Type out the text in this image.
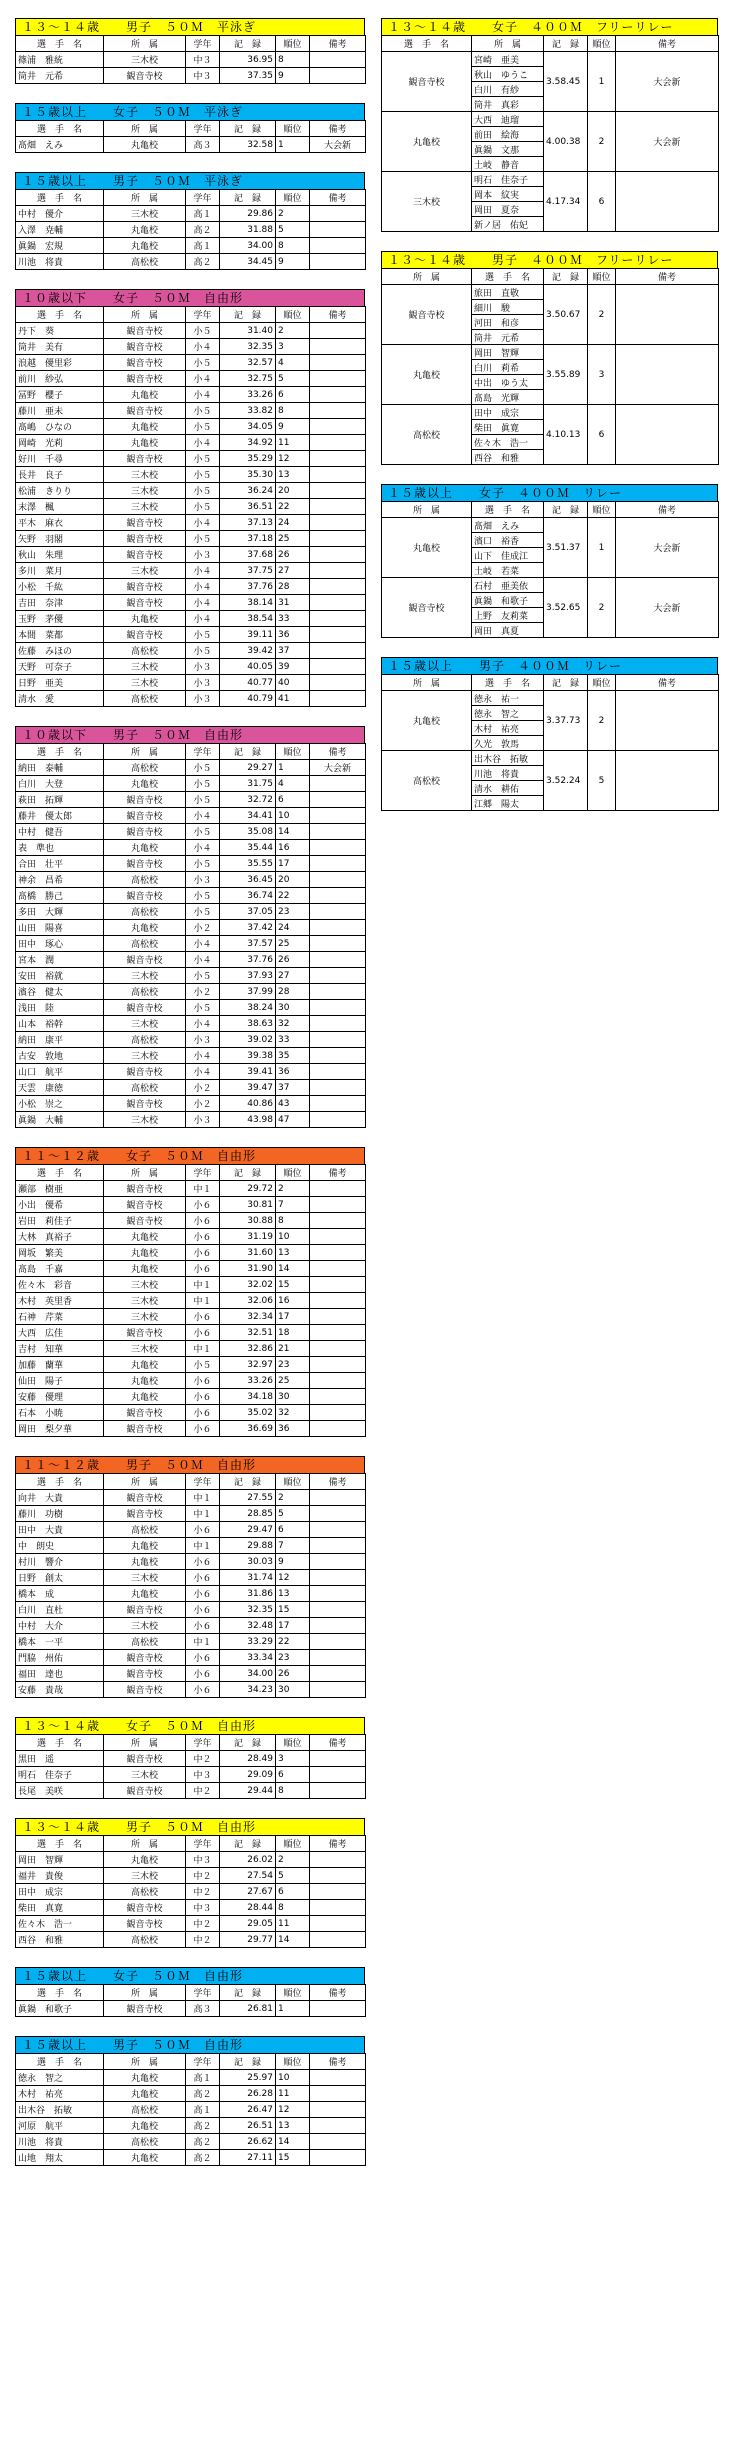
１３～１４歳　　男子　５０Ｍ　平泳ぎ
選　手　名	所　属	学年	記　録	順位	備考
篠浦　雅統	三木校	中３	36.95	8	
筒井　元希	観音寺校	中３	37.35	9	
１５歳以上　　女子　５０Ｍ　平泳ぎ
選　手　名	所　属	学年	記　録	順位	備考
髙畑　えみ	丸亀校	高３	32.58	1	大会新
１５歳以上　　男子　５０Ｍ　平泳ぎ
選　手　名	所　属	学年	記　録	順位	備考
中村　優介	三木校	高１	29.86	2	
入澤　尭輔	丸亀校	高２	31.88	5	
眞鍋　宏規	丸亀校	高１	34.00	8	
川池　将貴	高松校	高２	34.45	9	
１０歳以下　　女子　５０Ｍ　自由形
選　手　名	所　属	学年	記　録	順位	備考
丹下　葵	観音寺校	小５	31.40	2	
筒井　美有	観音寺校	小４	32.35	3	
浪越　優里彩	観音寺校	小５	32.57	4	
前川　紗弘	観音寺校	小４	32.75	5	
冨野　櫻子	丸亀校	小４	33.26	6	
藤川　亜未	観音寺校	小５	33.82	8	
髙嶋　ひなの	丸亀校	小５	34.05	9	
岡崎　光莉	丸亀校	小４	34.92	11	
好川　千尋	観音寺校	小５	35.29	12	
長井　良子	三木校	小５	35.30	13	
松浦　きりり	三木校	小５	36.24	20	
末澤　楓	三木校	小５	36.51	22	
平木　麻衣	観音寺校	小４	37.13	24	
矢野　羽閣	観音寺校	小５	37.18	25	
秋山　朱理	観音寺校	小３	37.68	26	
多川　菜月	三木校	小４	37.75	27	
小松　千紘	観音寺校	小４	37.76	28	
吉田　奈津	観音寺校	小４	38.14	31	
玉野　茅優	丸亀校	小４	38.54	33	
本間　菜都	観音寺校	小５	39.11	36	
佐藤　みほの	高松校	小５	39.42	37	
天野　可奈子	三木校	小３	40.05	39	
日野　亜美	三木校	小３	40.77	40	
清水　愛	高松校	小３	40.79	41	
１０歳以下　　男子　５０Ｍ　自由形
選　手　名	所　属	学年	記　録	順位	備考
納田　泰輔	高松校	小５	29.27	1	大会新
白川　大登	丸亀校	小５	31.75	4	
萩田　拓輝	観音寺校	小５	32.72	6	
藤井　優太郎	観音寺校	小４	34.41	10	
中村　健吾	観音寺校	小５	35.08	14	
表　準也	丸亀校	小４	35.44	16	
合田　壮平	観音寺校	小５	35.55	17	
神余　昌希	高松校	小３	36.45	20	
髙橋　勝己	観音寺校	小５	36.74	22	
多田　大輝	高松校	小５	37.05	23	
山田　陽喜	丸亀校	小２	37.42	24	
田中　琢心	高松校	小４	37.57	25	
宮本　潤	観音寺校	小４	37.76	26	
安田　裕就	三木校	小５	37.93	27	
濱谷　健太	高松校	小２	37.99	28	
浅田　陸	観音寺校	小５	38.24	30	
山本　裕幹	三木校	小４	38.63	32	
納田　康平	高松校	小３	39.02	33	
古安　敦地	三木校	小４	39.38	35	
山口　航平	観音寺校	小４	39.41	36	
天雲　康徳	高松校	小２	39.47	37	
小松　崇之	観音寺校	小２	40.86	43	
眞鍋　大輔	三木校	小３	43.98	47	
１１～１２歳　　女子　５０Ｍ　自由形
選　手　名	所　属	学年	記　録	順位	備考
瀬部　樹亜	観音寺校	中１	29.72	2	
小出　優希	観音寺校	小６	30.81	7	
岩田　莉佳子	観音寺校	小６	30.88	8	
大林　真裕子	丸亀校	小６	31.19	10	
岡坂　繁美	丸亀校	小６	31.60	13	
髙島　千嘉	丸亀校	小６	31.90	14	
佐々木　彩音	三木校	中１	32.02	15	
木村　英里香	三木校	中１	32.06	16	
石神　芹菜	三木校	小６	32.34	17	
大西　広佳	観音寺校	小６	32.51	18	
吉村　知華	三木校	中１	32.86	21	
加藤　蘭華	丸亀校	小５	32.97	23	
仙田　陽子	丸亀校	小６	33.26	25	
安藤　優理	丸亀校	小６	34.18	30	
石本　小暁	観音寺校	小６	35.02	32	
岡田　梨夕華	観音寺校	小６	36.69	36	
１１～１２歳　　男子　５０Ｍ　自由形
選　手　名	所　属	学年	記　録	順位	備考
向井　大貴	観音寺校	中１	27.55	2	
藤川　功樹	観音寺校	中１	28.85	5	
田中　大貴	高松校	小６	29.47	6	
中　朗史	丸亀校	中１	29.88	7	
村川　響介	丸亀校	小６	30.03	9	
日野　創太	三木校	小６	31.74	12	
橋本　成	丸亀校	小６	31.86	13	
白川　直杜	観音寺校	小６	32.35	15	
中村　大介	三木校	小６	32.48	17	
橋本　一平	高松校	中１	33.29	22	
門脇　州佑	観音寺校	小６	33.34	23	
福田　達也	観音寺校	小６	34.00	26	
安藤　貴哉	観音寺校	小６	34.23	30	
１３～１４歳　　女子　５０Ｍ　自由形
選　手　名	所　属	学年	記　録	順位	備考
黒田　遥	観音寺校	中２	28.49	3	
明石　佳奈子	三木校	中３	29.09	6	
長尾　美咲	観音寺校	中２	29.44	8	
１３～１４歳　　男子　５０Ｍ　自由形
選　手　名	所　属	学年	記　録	順位	備考
岡田　智輝	丸亀校	中３	26.02	2	
福井　貴俊	三木校	中２	27.54	5	
田中　成宗	高松校	中２	27.67	6	
柴田　真寛	観音寺校	中３	28.44	8	
佐々木　浩一	観音寺校	中２	29.05	11	
西谷　和雅	高松校	中２	29.77	14	
１５歳以上　　女子　５０Ｍ　自由形
選　手　名	所　属	学年	記　録	順位	備考
眞鍋　和歌子	観音寺校	高３	26.81	1	
１５歳以上　　男子　５０Ｍ　自由形
選　手　名	所　属	学年	記　録	順位	備考
徳永　智之	丸亀校	高１	25.97	10	
木村　祐亮	丸亀校	高２	26.28	11	
出木谷　拓敏	高松校	高１	26.47	12	
河原　航平	丸亀校	高２	26.51	13	
川池　将貴	高松校	高２	26.62	14	
山地　翔太	丸亀校	高２	27.11	15	
１３～１４歳　　女子　４００Ｍ　フリーリレー
選　手　名	所　属	記　録	順位	備考
観音寺校	宮崎　亜美	3.58.45	1	大会新
	秋山　ゆうこ			
	白川　有紗			
	筒井　真彩			
丸亀校	大西　迪瑠	4.00.38	2	大会新
	前田　絵海			
	眞鍋　文那			
	土岐　静音			
三木校	明石　佳奈子	4.17.34	6	
	岡本　紋実			
	岡田　夏奈			
	新ノ居　佑妃			
１３～１４歳　　男子　４００Ｍ　フリーリレー
所　属	選　手　名	記　録	順位	備考
観音寺校	旅田　直敬	3.50.67	2	
	細川　駿			
	河田　和彦			
	筒井　元希			
丸亀校	岡田　智輝	3.55.89	3	
	白川　莉希			
	中出　ゆう太			
	髙島　光輝			
高松校	田中　成宗	4.10.13	6	
	柴田　眞寛			
	佐々木　浩一			
	西谷　和雅			
１５歳以上　　女子　４００Ｍ　リレー
所　属	選　手　名	記　録	順位	備考
丸亀校	髙畑　えみ	3.51.37	1	大会新
	濱口　裕香			
	山下　佳成江			
	土岐　若菜			
観音寺校	石村　亜美依	3.52.65	2	大会新
	眞鍋　和歌子			
	上野　友莉菜			
	岡田　真夏			
１５歳以上　　男子　４００Ｍ　リレー
所　属	選　手　名	記　録	順位	備考
丸亀校	徳永　祐一	3.37.73	2	
	徳永　智之			
	木村　祐亮			
	久光　敦馬			
高松校	出木谷　拓敏	3.52.24	5	
	川池　将貴			
	清水　耕佑			
	江郷　陽太			
